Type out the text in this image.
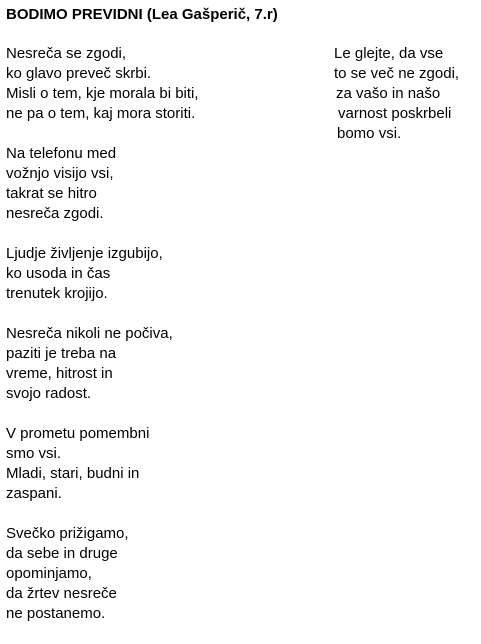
BODIMO PREVIDNI (Lea Gašperič, 7.r)
Nesreča se zgodi,
ko glavo preveč skrbi.
Misli o tem, kje morala bi biti,
ne pa o tem, kaj mora storiti.
Na telefonu med
vožnjo visijo vsi,
takrat se hitro
nesreča zgodi.
Ljudje življenje izgubijo,
ko usoda in čas
trenutek krojijo.
Nesreča nikoli ne počiva,
paziti je treba na
vreme, hitrost in
svojo radost.
V prometu pomembni
smo vsi.
Mladi, stari, budni in
zaspani.
Svečko prižigamo,
da sebe in druge
opominjamo,
da žrtev nesreče
ne postanemo.
Le glejte, da vse
to se več ne zgodi,
za vašo in našo
varnost poskrbeli
bomo vsi.
